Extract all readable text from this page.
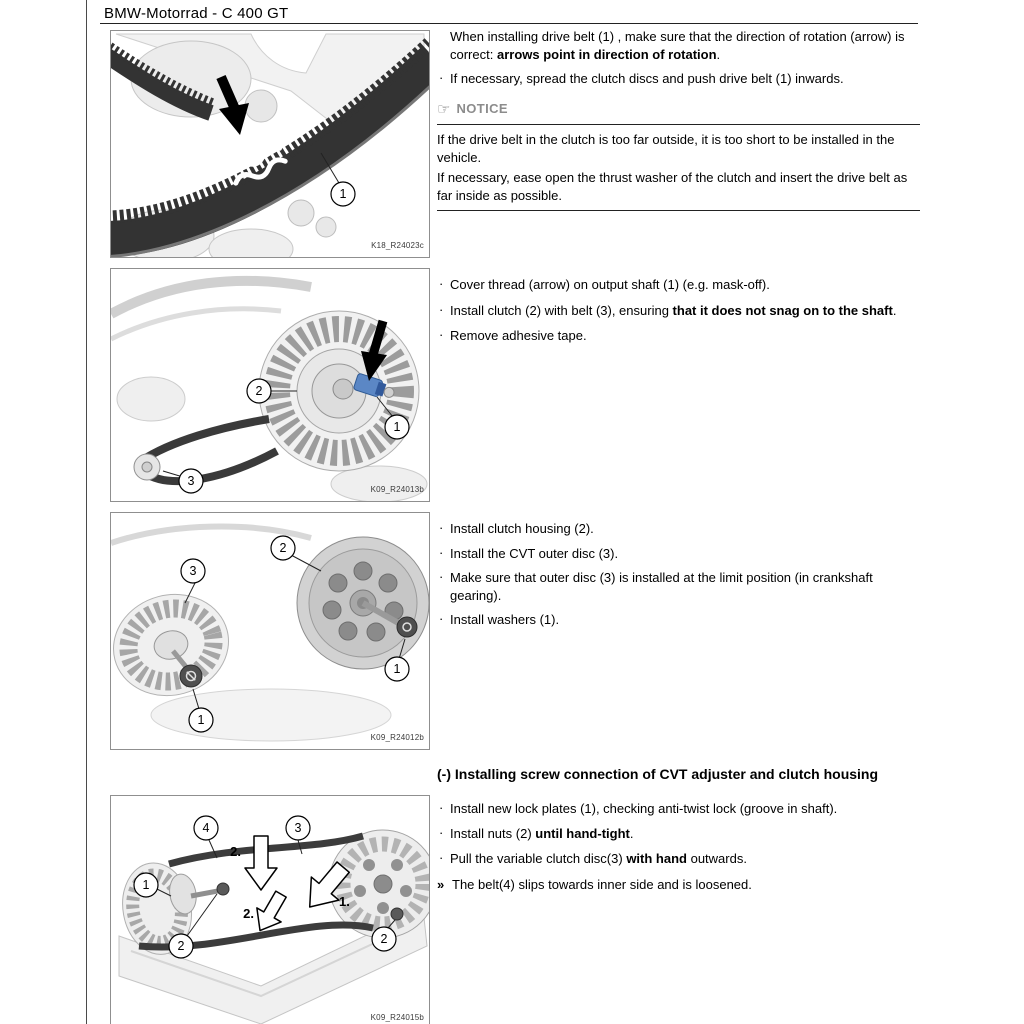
BMW-Motorrad - C 400 GT
1
K18_R24023c
2
1
3
K09_R24013b
2
3
1
1
K09_R24012b
2.
2.
1.
4	3
1
2	2
K09_R24015b
When installing drive belt (1) , make sure that the direction of rotation (arrow) is correct: arrows point in direction of rotation.
· If necessary, spread the clutch discs and push drive belt (1) inwards.
☞ NOTICE
If the drive belt in the clutch is too far outside, it is too short to be installed in the vehicle.
If necessary, ease open the thrust washer of the clutch and insert the drive belt as far inside as possible.
· Cover thread (arrow) on output shaft (1) (e.g. mask-off).
· Install clutch (2) with belt (3), ensuring that it does not snag on to the shaft.
· Remove adhesive tape.
· Install clutch housing (2).
· Install the CVT outer disc (3).
· Make sure that outer disc (3) is installed at the limit position (in crankshaft gearing).
· Install washers (1).
(-) Installing screw connection of CVT adjuster and clutch housing
· Install new lock plates (1), checking anti-twist lock (groove in shaft).
· Install nuts (2) until hand-tight.
· Pull the variable clutch disc(3) with hand outwards.
» The belt(4) slips towards inner side and is loosened.
